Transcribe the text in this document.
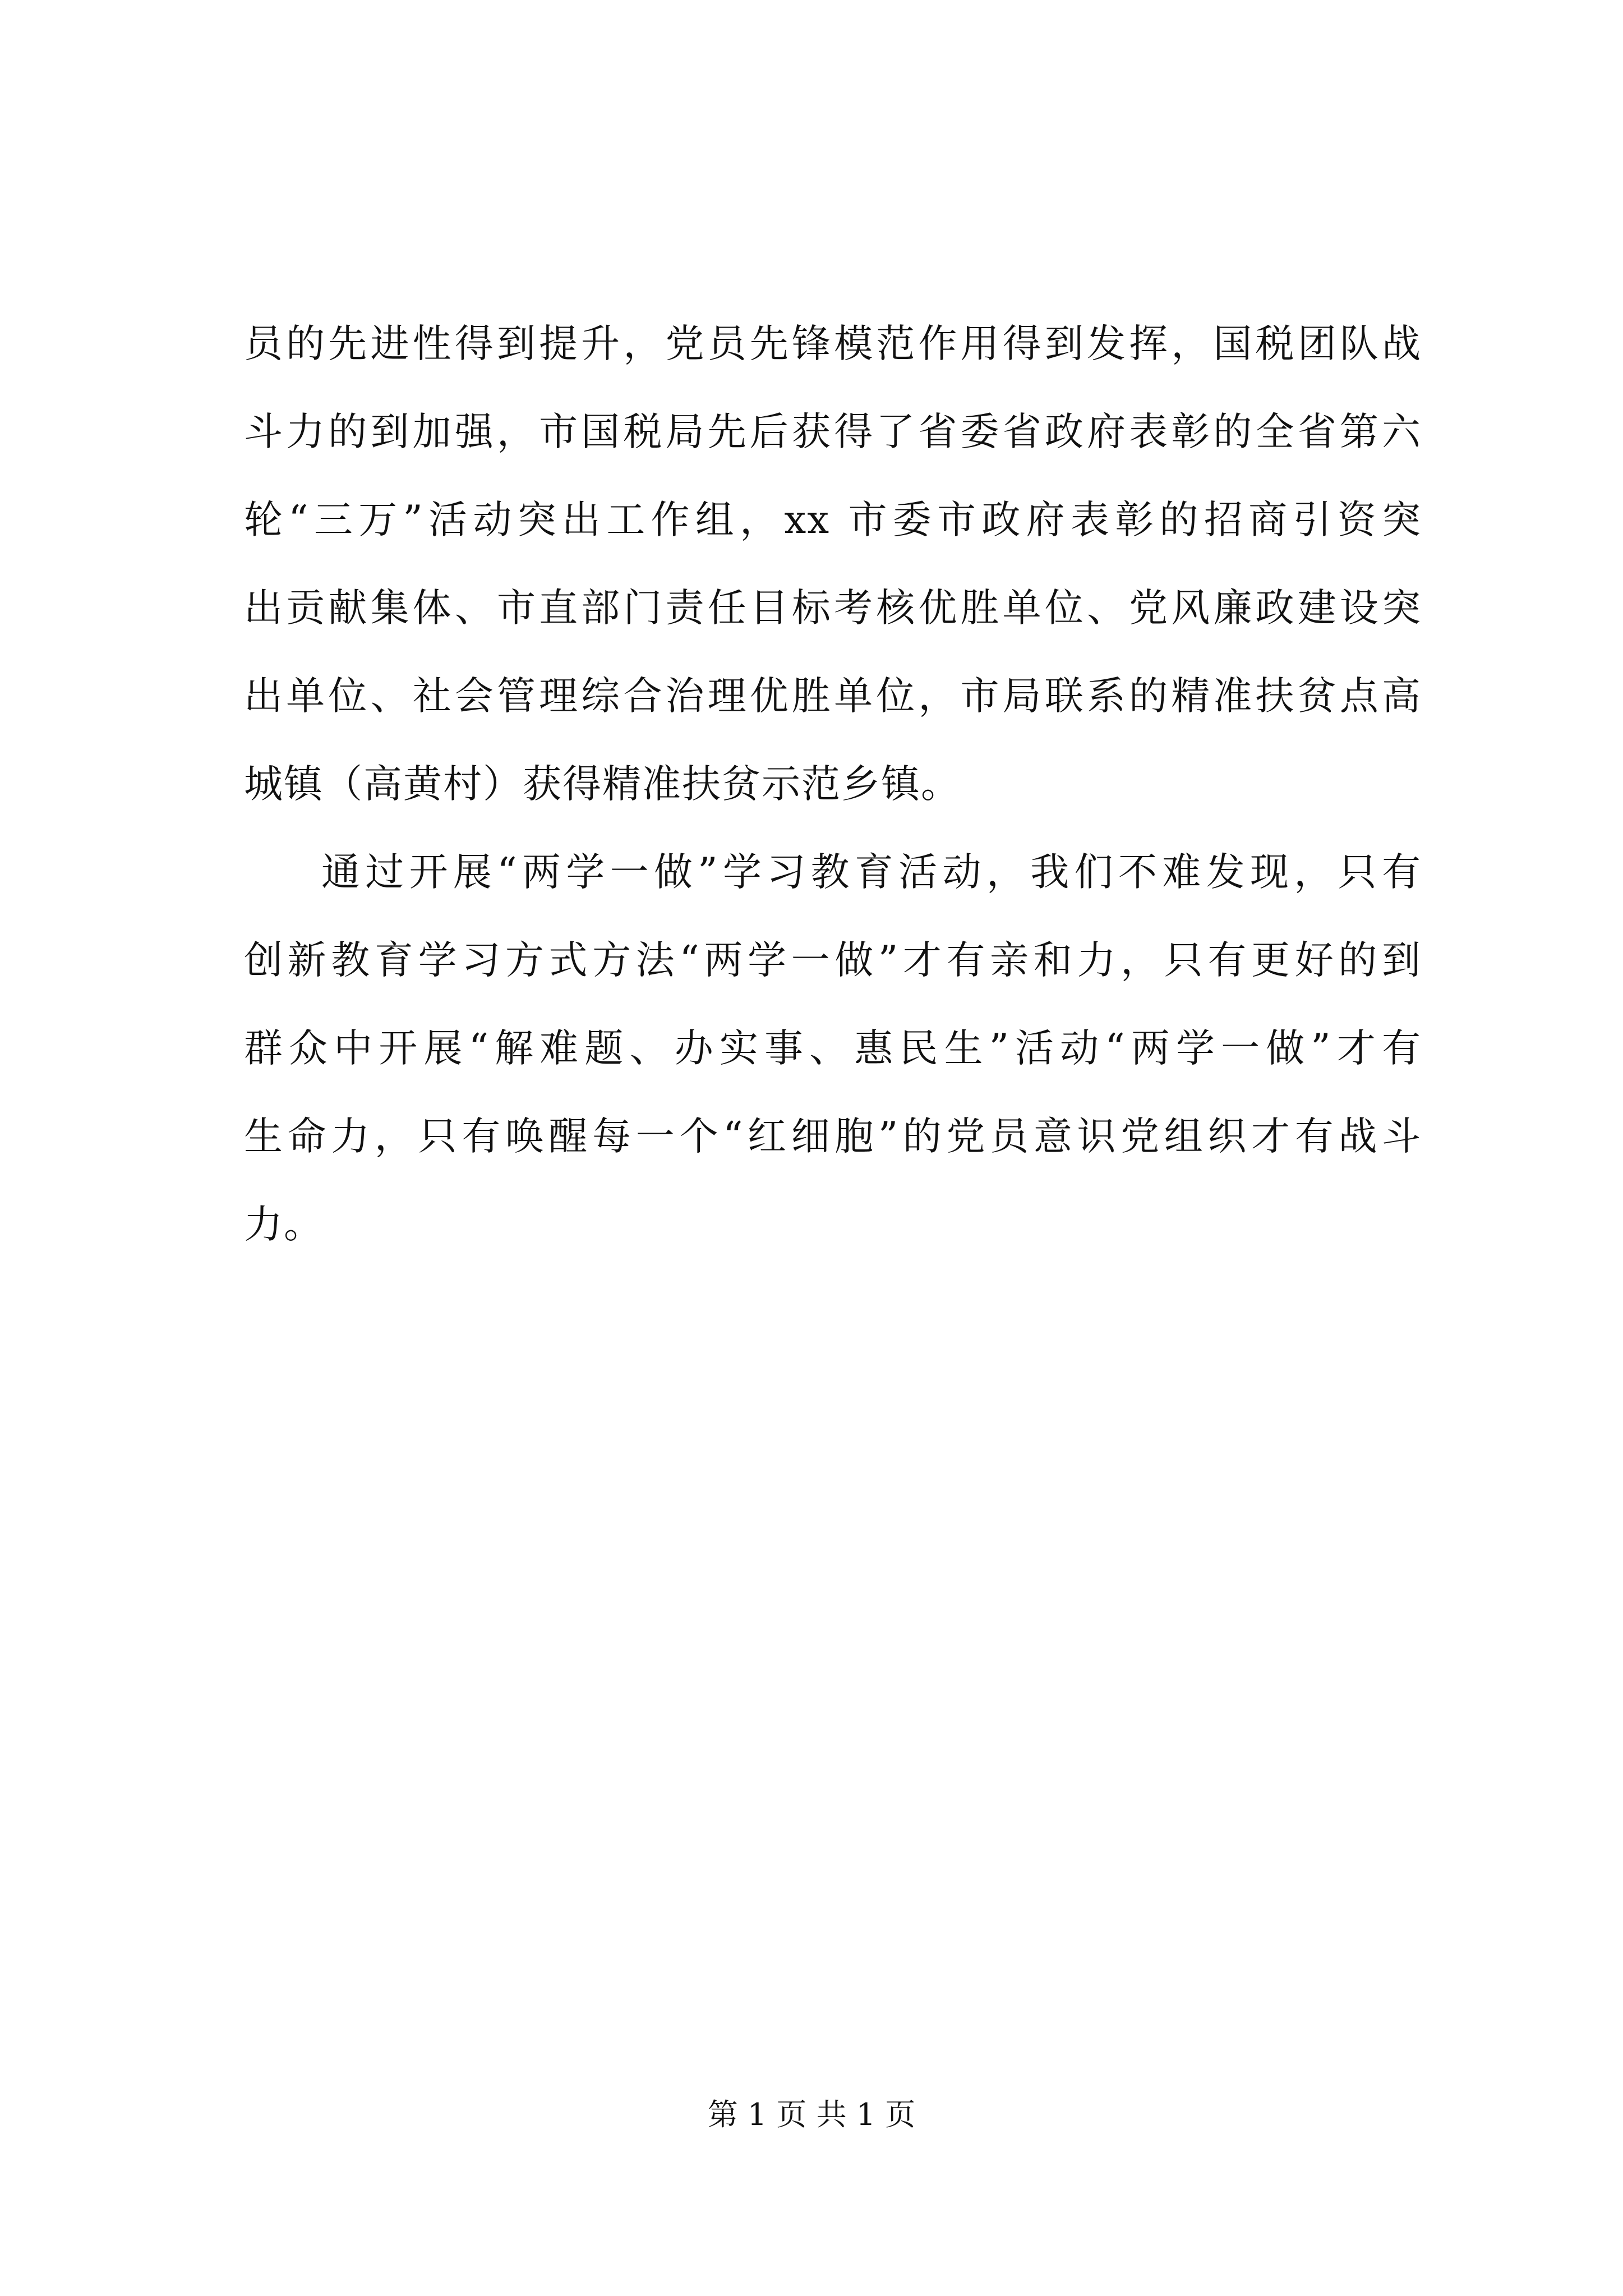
员的先进性得到提升，党员先锋模范作用得到发挥，国税团队战
斗力的到加强，市国税局先后获得了省委省政府表彰的全省第六
轮“三万”活动突出工作组，xx 市委市政府表彰的招商引资突
出贡献集体、市直部门责任目标考核优胜单位、党风廉政建设突
出单位、社会管理综合治理优胜单位，市局联系的精准扶贫点高
城镇（高黄村）获得精准扶贫示范乡镇。
通过开展“两学一做”学习教育活动，我们不难发现，只有
创新教育学习方式方法“两学一做”才有亲和力，只有更好的到
群众中开展“解难题、办实事、惠民生”活动“两学一做”才有
生命力，只有唤醒每一个“红细胞”的党员意识党组织才有战斗
力。
第 1 页 共 1 页
